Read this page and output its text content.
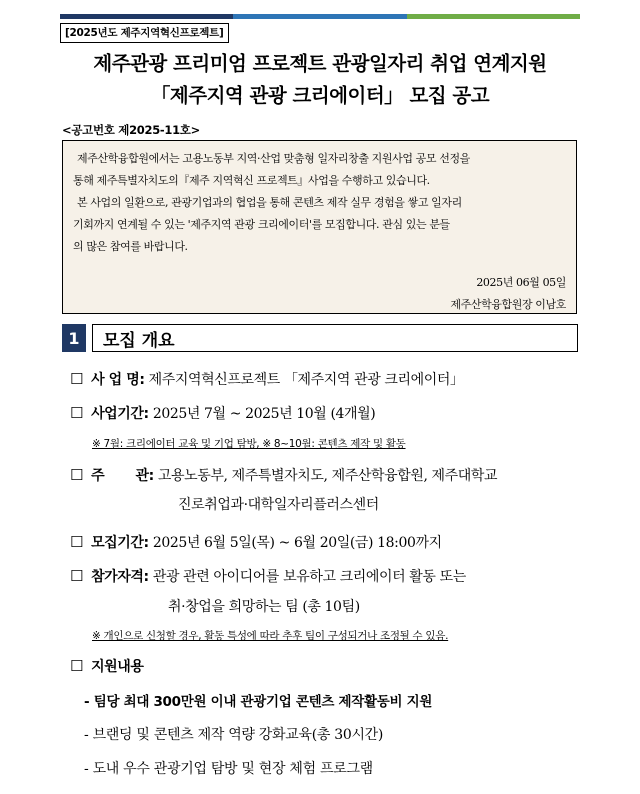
[2025년도 제주지역혁신프로젝트]
제주관광 프리미엄 프로젝트 관광일자리 취업 연계지원
「제주지역 관광 크리에이터」 모집 공고
<공고번호 제2025-11호>

제주산학융합원에서는 고용노동부 지역·산업 맞춤형 일자리창출 지원사업 공모 선정을

통해 제주특별자치도의『제주 지역혁신 프로젝트』사업을 수행하고 있습니다.

본 사업의 일환으로, 관광기업과의 협업을 통해 콘텐츠 제작 실무 경험을 쌓고 일자리

기회까지 연계될 수 있는 '제주지역 관광 크리에이터'를 모집합니다. 관심 있는 분들

의 많은 참여를 바랍니다.

2025년 06월 05일

제주산학융합원장 이남호

1	모집 개요
☐ 사 업 명: 제주지역혁신프로젝트 「제주지역 관광 크리에이터」
☐ 사업기간: 2025년 7월 ~ 2025년 10월 (4개월)
※ 7월: 크리에이터 교육 및 기업 탐방, ※ 8~10월: 콘텐츠 제작 및 활동
☐ 주       관: 고용노동부, 제주특별자치도, 제주산학융합원, 제주대학교
진로취업과·대학일자리플러스센터
☐ 모집기간: 2025년 6월 5일(목) ~ 6월 20일(금) 18:00까지
☐ 참가자격: 관광 관련 아이디어를 보유하고 크리에이터 활동 또는
취·창업을 희망하는 팀 (총 10팀)
※ 개인으로 신청할 경우, 활동 특성에 따라 추후 팀이 구성되거나 조정될 수 있음.
☐ 지원내용
- 팀당 최대 300만원 이내 관광기업 콘텐츠 제작활동비 지원
- 브랜딩 및 콘텐츠 제작 역량 강화교육(총 30시간)
- 도내 우수 관광기업 탐방 및 현장 체험 프로그램
